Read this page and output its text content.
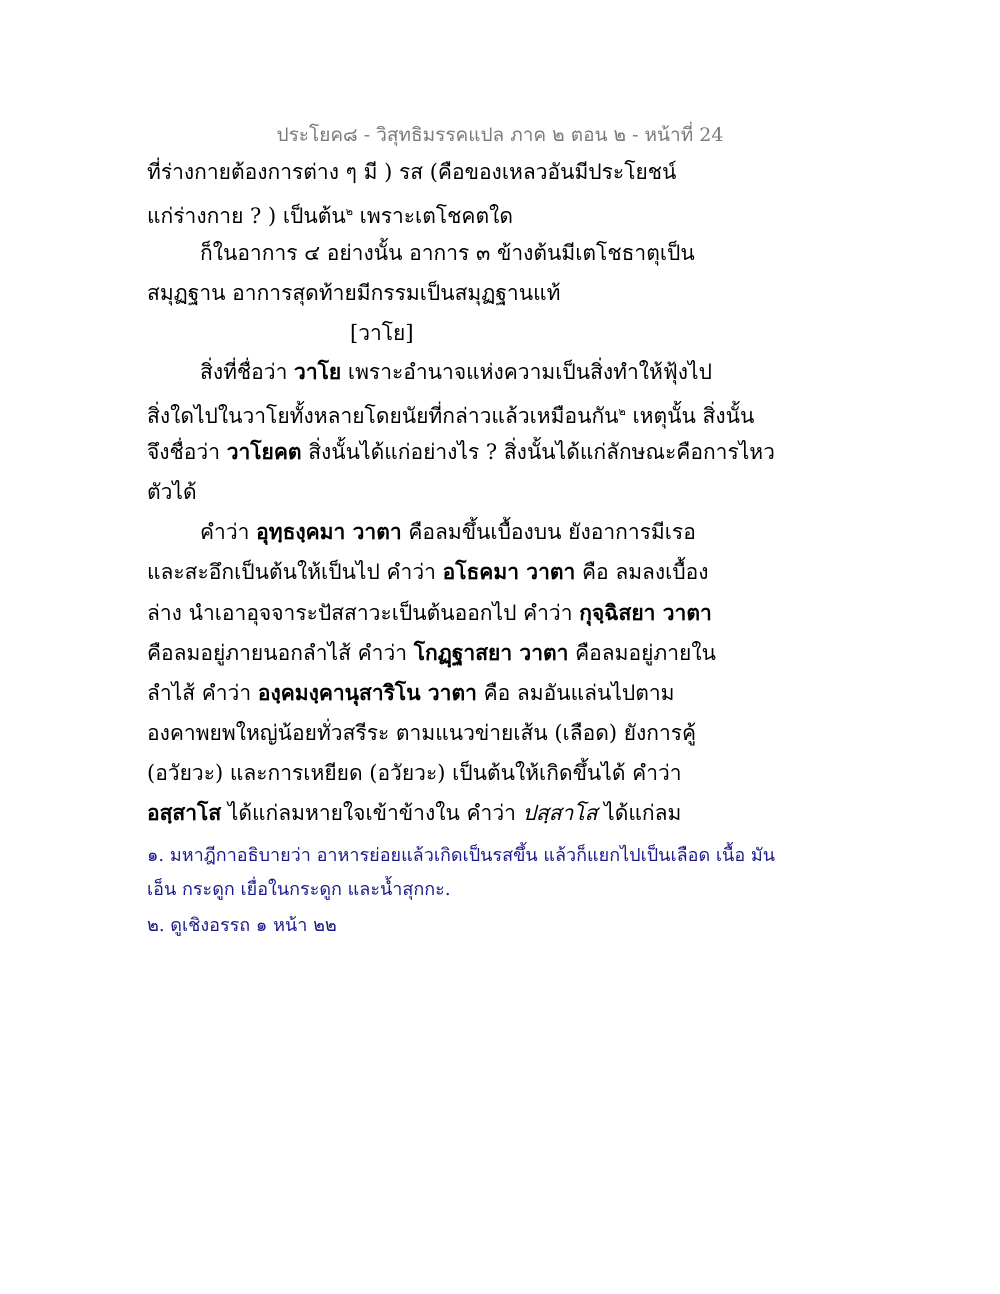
ประโยค๘ - วิสุทธิมรรคแปล ภาค ๒ ตอน ๒ - หน้าที่ 24
ที่ร่างกายต้องการต่าง ๆ มี ) รส (คือของเหลวอันมีประโยชน์
แก่ร่างกาย ? ) เป็นต้น$^๒$ เพราะเตโชคตใด
ก็ในอาการ ๔ อย่างนั้น อาการ ๓ ข้างต้นมีเตโชธาตุเป็น
สมุฏฐาน อาการสุดท้ายมีกรรมเป็นสมุฏฐานแท้
[วาโย]
สิ่งที่ชื่อว่า วาโย เพราะอำนาจแห่งความเป็นสิ่งทำให้ฟุ้งไป
สิ่งใดไปในวาโยทั้งหลายโดยนัยที่กล่าวแล้วเหมือนกัน$^๒$ เหตุนั้น สิ่งนั้น
จึงชื่อว่า วาโยคต สิ่งนั้นได้แก่อย่างไร ? สิ่งนั้นได้แก่ลักษณะคือการไหว
ตัวได้
คำว่า อุทฺธงฺคมา วาตา คือลมขึ้นเบื้องบน ยังอาการมีเรอ
และสะอึกเป็นต้นให้เป็นไป คำว่า อโธคมา วาตา คือ ลมลงเบื้อง
ล่าง นำเอาอุจจาระปัสสาวะเป็นต้นออกไป คำว่า กุจฺฉิสยา วาตา
คือลมอยู่ภายนอกลำไส้ คำว่า โกฏฺฐาสยา วาตา คือลมอยู่ภายใน
ลำไส้ คำว่า องฺคมงฺคานุสาริโน วาตา คือ ลมอันแล่นไปตาม
องคาพยพใหญ่น้อยทั่วสรีระ ตามแนวข่ายเส้น (เลือด) ยังการคู้
(อวัยวะ) และการเหยียด (อวัยวะ) เป็นต้นให้เกิดขึ้นได้ คำว่า
อสฺสาโส ได้แก่ลมหายใจเข้าข้างใน คำว่า ปสฺสาโส ได้แก่ลม
๑. มหาฎีกาอธิบายว่า อาหารย่อยแล้วเกิดเป็นรสขึ้น แล้วก็แยกไปเป็นเลือด เนื้อ มัน
เอ็น กระดูก เยื่อในกระดูก และน้ำสุกกะ.
๒. ดูเชิงอรรถ ๑ หน้า ๒๒
